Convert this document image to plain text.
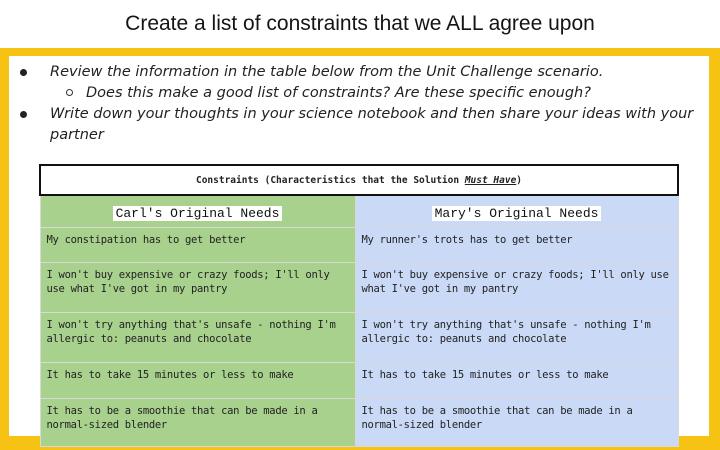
Create a list of constraints that we ALL agree upon
Review the information in the table below from the Unit Challenge scenario.
Does this make a good list of constraints? Are these specific enough?
Write down your thoughts in your science notebook and then share your ideas with your partner
Constraints (Characteristics that the Solution Must Have)	
Carl's Original Needs	Mary's Original Needs
My constipation has to get better	My runner's trots has to get better
I won't buy expensive or crazy foods; I'll only use what I've got in my pantry	I won't buy expensive or crazy foods; I'll only use what I've got in my pantry
I won't try anything that's unsafe - nothing I'm allergic to: peanuts and chocolate	I won't try anything that's unsafe - nothing I'm allergic to: peanuts and chocolate
It has to take 15 minutes or less to make	It has to take 15 minutes or less to make
It has to be a smoothie that can be made in a normal-sized blender	It has to be a smoothie that can be made in a normal-sized blender
